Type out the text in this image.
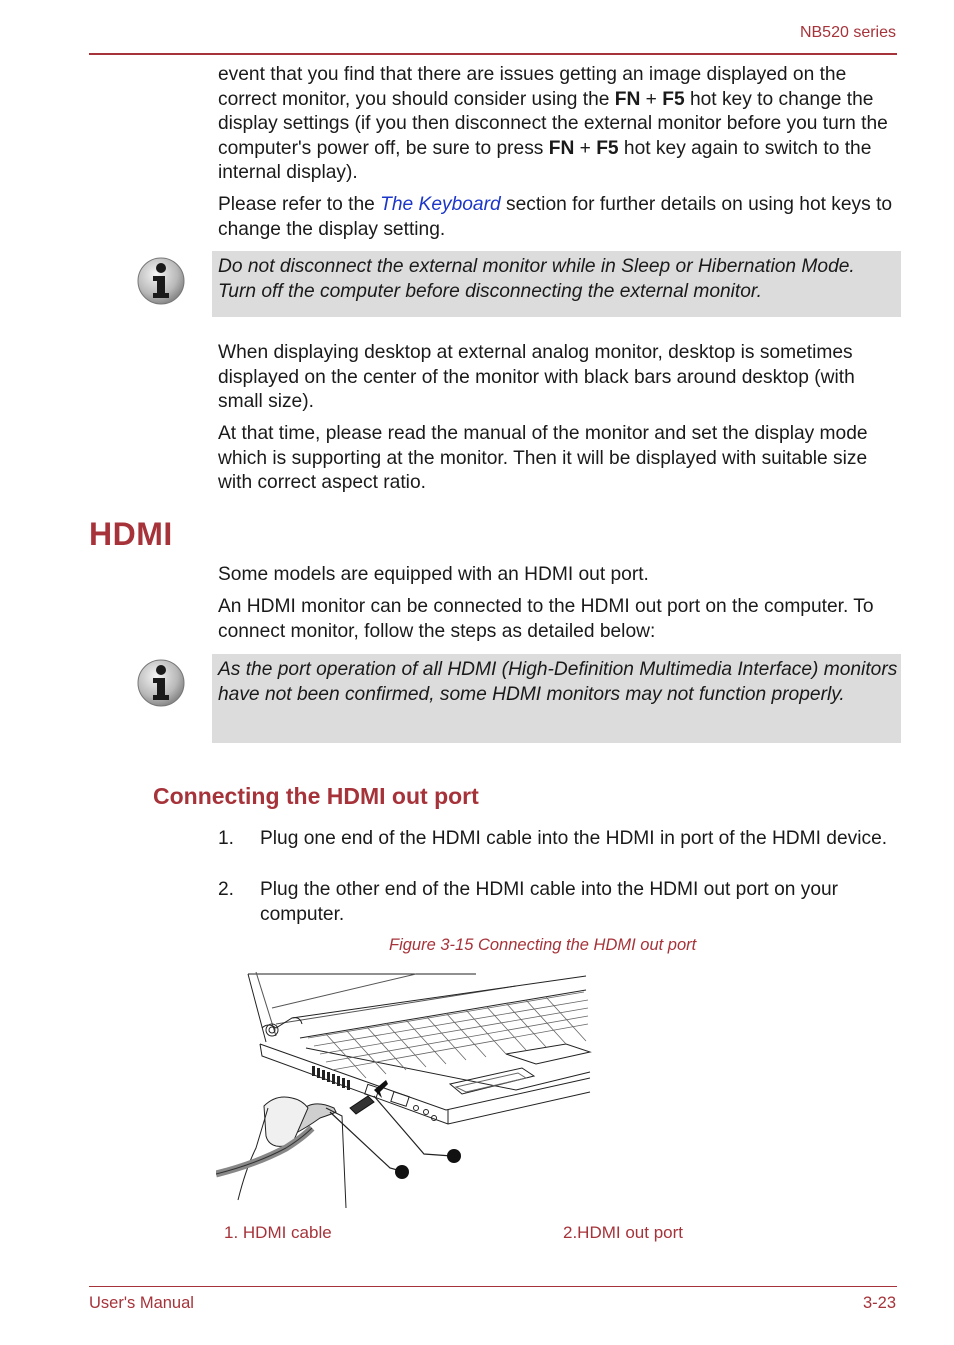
NB520 series

event that you find that there are issues getting an image displayed on the correct monitor, you should consider using the FN + F5 hot key to change the display settings (if you then disconnect the external monitor before you turn the computer's power off, be sure to press FN + F5 hot key again to switch to the internal display).

Please refer to the The Keyboard section for further details on using hot keys to change the display setting.

Do not disconnect the external monitor while in Sleep or Hibernation Mode. Turn off the computer before disconnecting the external monitor.

When displaying desktop at external analog monitor, desktop is sometimes displayed on the center of the monitor with black bars around desktop (with small size).

At that time, please read the manual of the monitor and set the display mode which is supporting at the monitor. Then it will be displayed with suitable size with correct aspect ratio.

HDMI

Some models are equipped with an HDMI out port.

An HDMI monitor can be connected to the HDMI out port on the computer. To connect monitor, follow the steps as detailed below:

As the port operation of all HDMI (High-Definition Multimedia Interface) monitors have not been confirmed, some HDMI monitors may not function properly.

Connecting the HDMI out port
1. Plug one end of the HDMI cable into the HDMI in port of the HDMI device.
2. Plug the other end of the HDMI cable into the HDMI out port on your computer.
Figure 3-15 Connecting the HDMI out port
1. HDMI cable	2.HDMI out port
User's Manual	3-23
